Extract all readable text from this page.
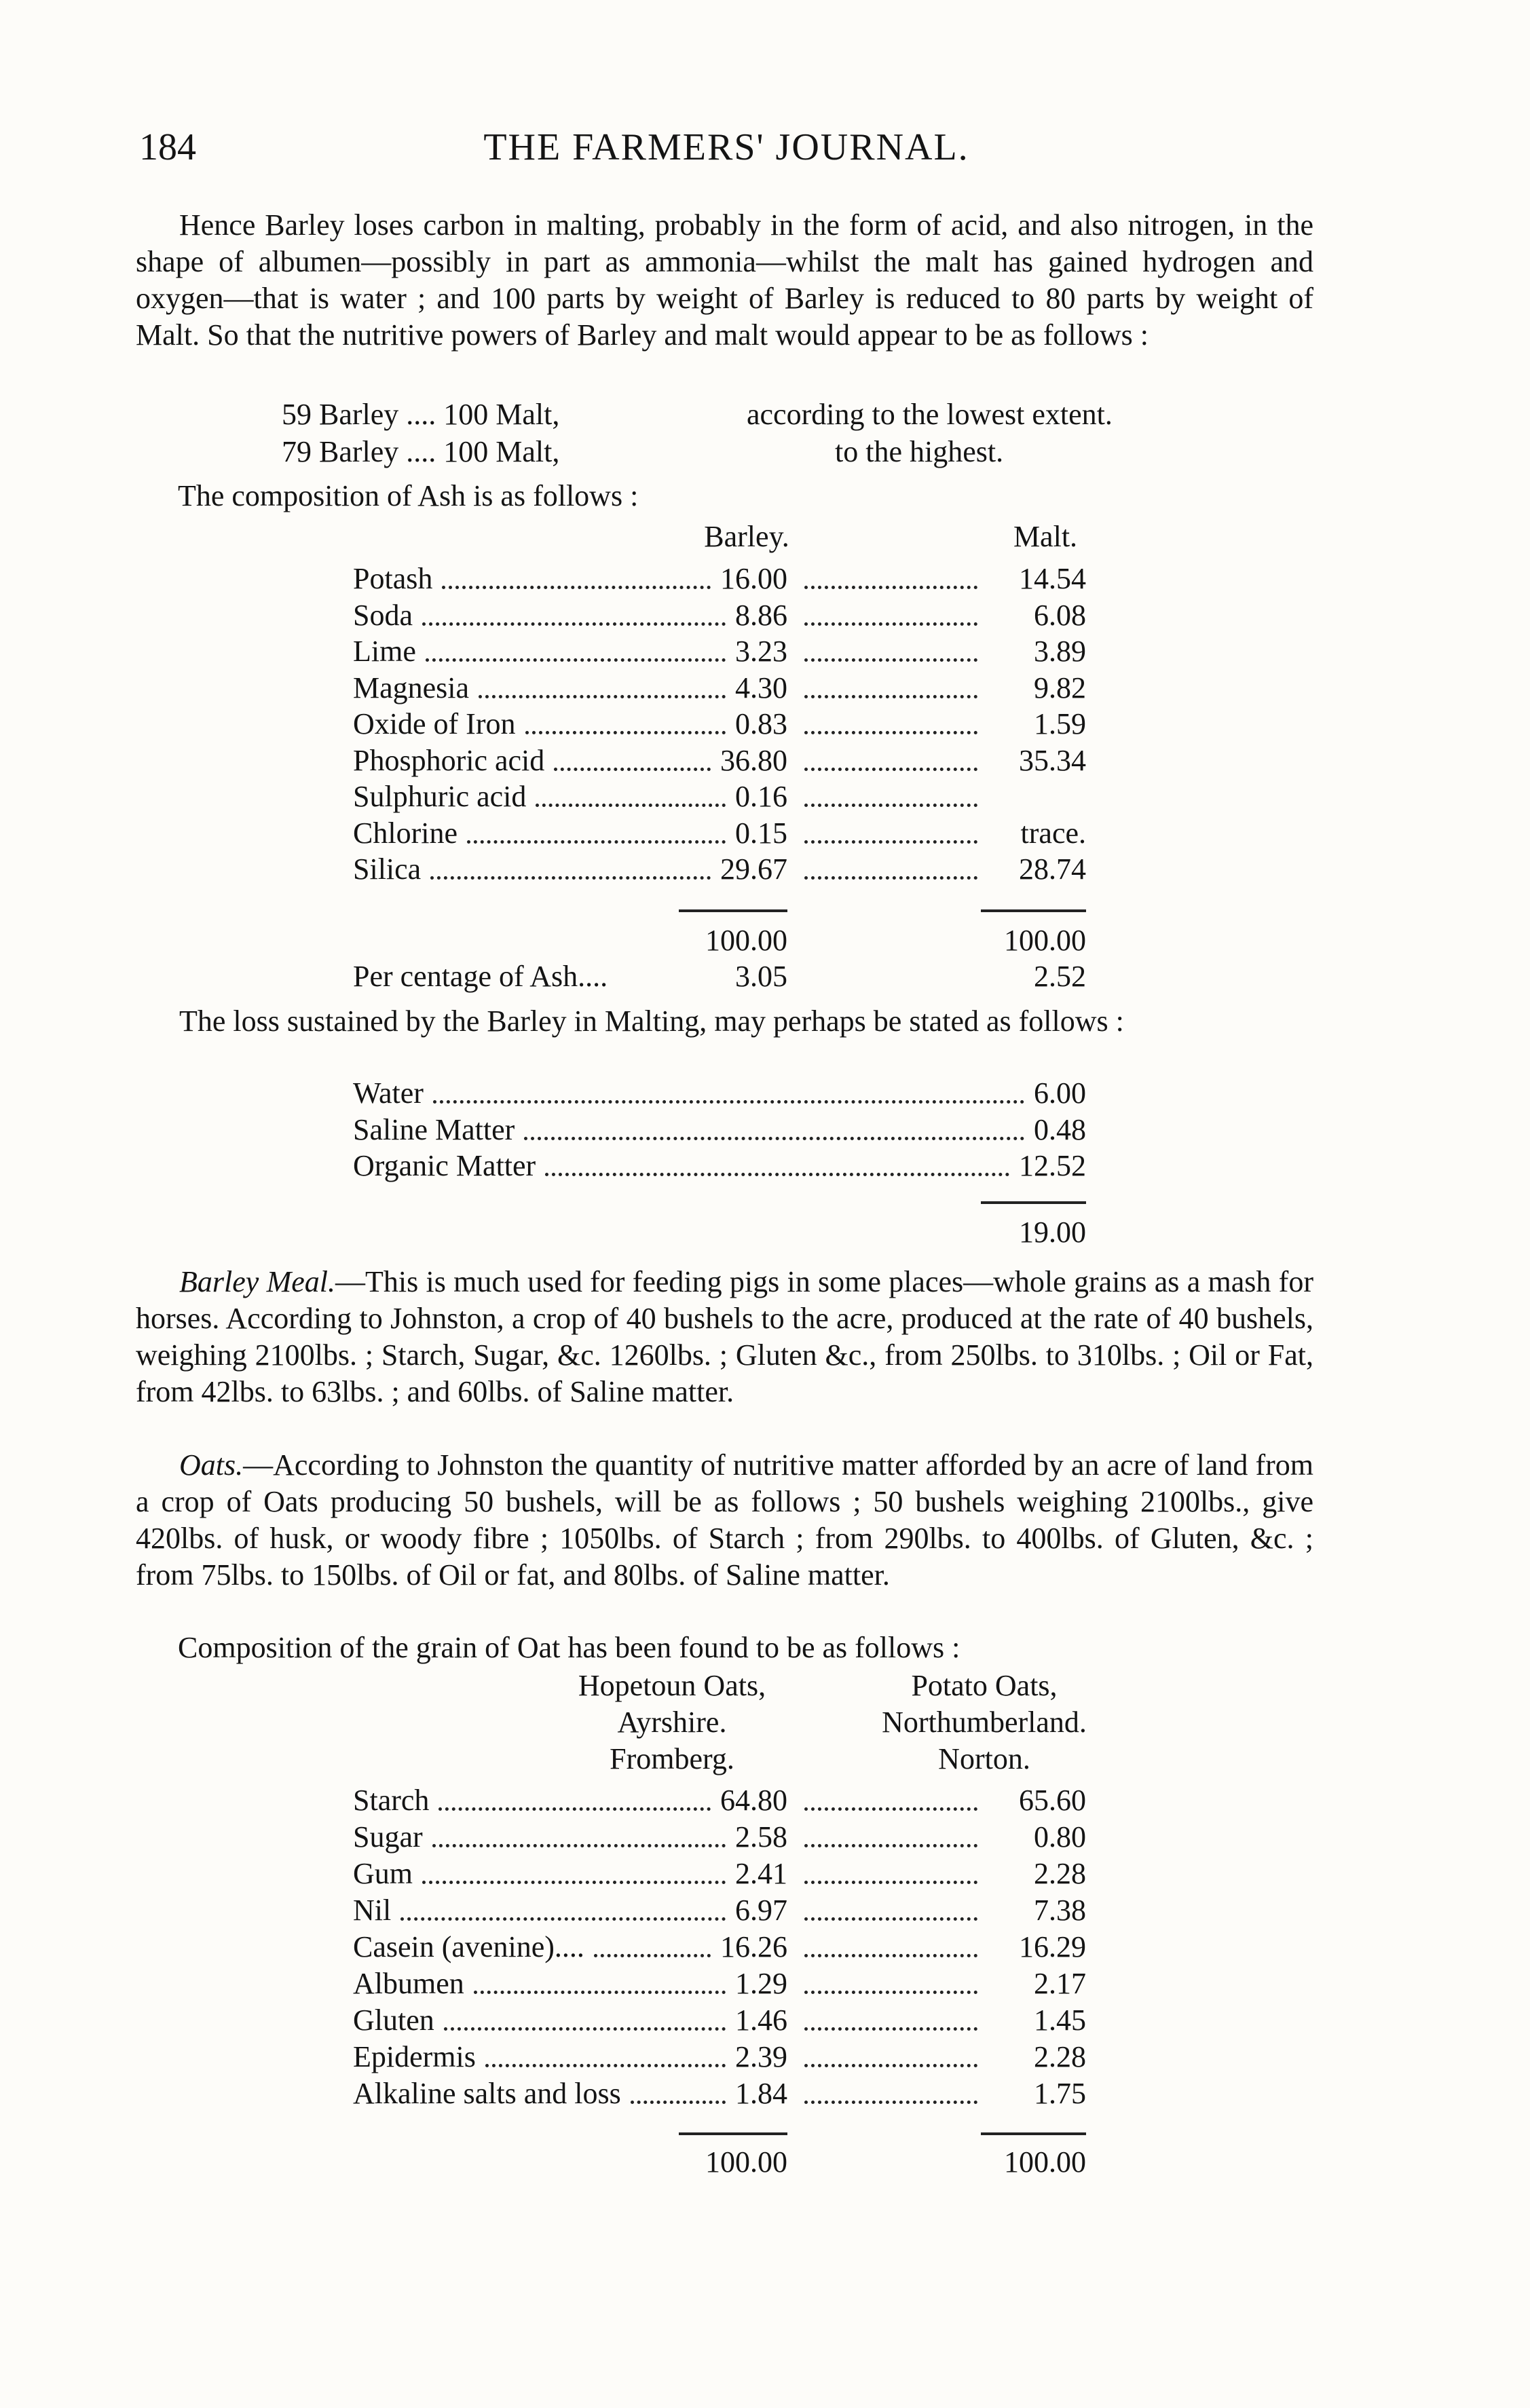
184	THE FARMERS' JOURNAL.

Hence Barley loses carbon in malting, probably in the form of acid, and also nitrogen, in the shape of albumen—possibly in part as ammonia—whilst the malt has gained hydrogen and oxygen—that is water ; and 100 parts by weight of Barley is reduced to 80 parts by weight of Malt. So that the nutritive powers of Barley and malt would appear to be as follows :

59 Barley .... 100 Malt,	according to the lowest extent.
79 Barley .... 100 Malt,	to the highest.
The composition of Ash is as follows :
Barley.	Malt.
Potash	16.00	14.54
Soda	8.86	6.08
Lime	3.23	3.89
Magnesia	4.30	9.82
Oxide of Iron	0.83	1.59
Phosphoric acid	36.80	35.34
Sulphuric acid	0.16
Chlorine	0.15	trace.
Silica	29.67	28.74
100.00	100.00
Per centage of Ash....	3.05	2.52

The loss sustained by the Barley in Malting, may perhaps be stated as follows :

Water	6.00
Saline Matter	0.48
Organic Matter	12.52
19.00

Barley Meal.—This is much used for feeding pigs in some places—whole grains as a mash for horses. According to Johnston, a crop of 40 bushels to the acre, produced at the rate of 40 bushels, weighing 2100lbs. ; Starch, Sugar, &c. 1260lbs. ; Gluten &c., from 250lbs. to 310lbs. ; Oil or Fat, from 42lbs. to 63lbs. ; and 60lbs. of Saline matter.

Oats.—According to Johnston the quantity of nutritive matter afforded by an acre of land from a crop of Oats producing 50 bushels, will be as follows ; 50 bushels weighing 2100lbs., give 420lbs. of husk, or woody fibre ; 1050lbs. of Starch ; from 290lbs. to 400lbs. of Gluten, &c. ; from 75lbs. to 150lbs. of Oil or fat, and 80lbs. of Saline matter.

Composition of the grain of Oat has been found to be as follows :
Hopetoun Oats,
Ayrshire.
Fromberg.
Potato Oats,
Northumberland.
Norton.
Starch	64.80	65.60
Sugar	2.58	0.80
Gum	2.41	2.28
Nil	6.97	7.38
Casein (avenine)....	16.26	16.29
Albumen	1.29	2.17
Gluten	1.46	1.45
Epidermis	2.39	2.28
Alkaline salts and loss	1.84	1.75
100.00	100.00
